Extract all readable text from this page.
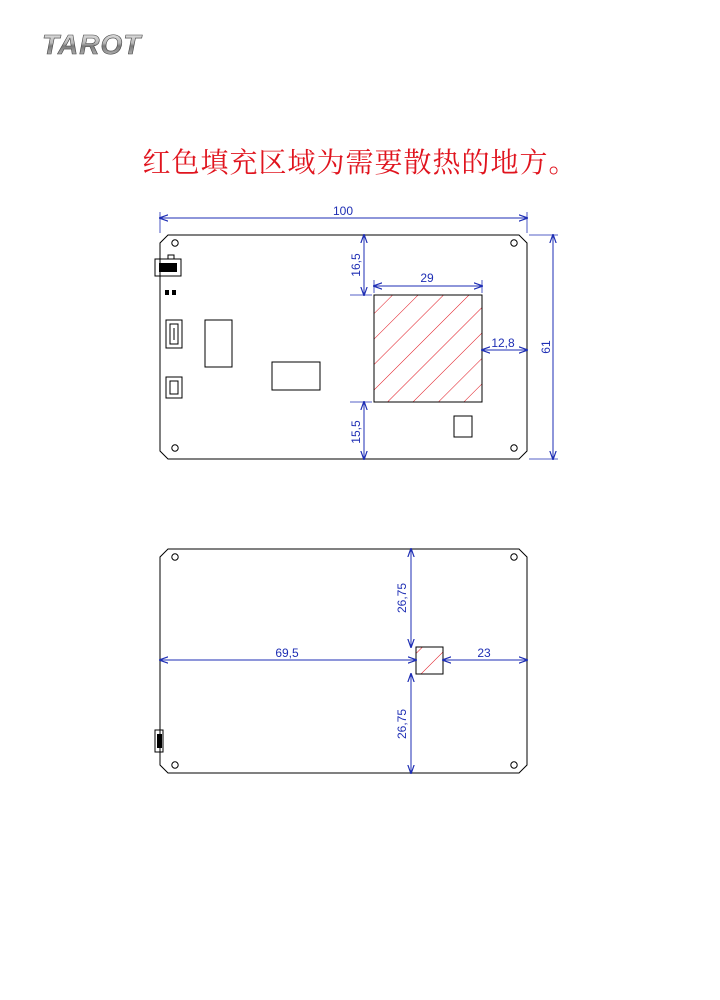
TAROT
红色填充区域为需要散热的地方。
100
61
16,5
29
12,8
15,5
26,75
69,5	23
26,75
